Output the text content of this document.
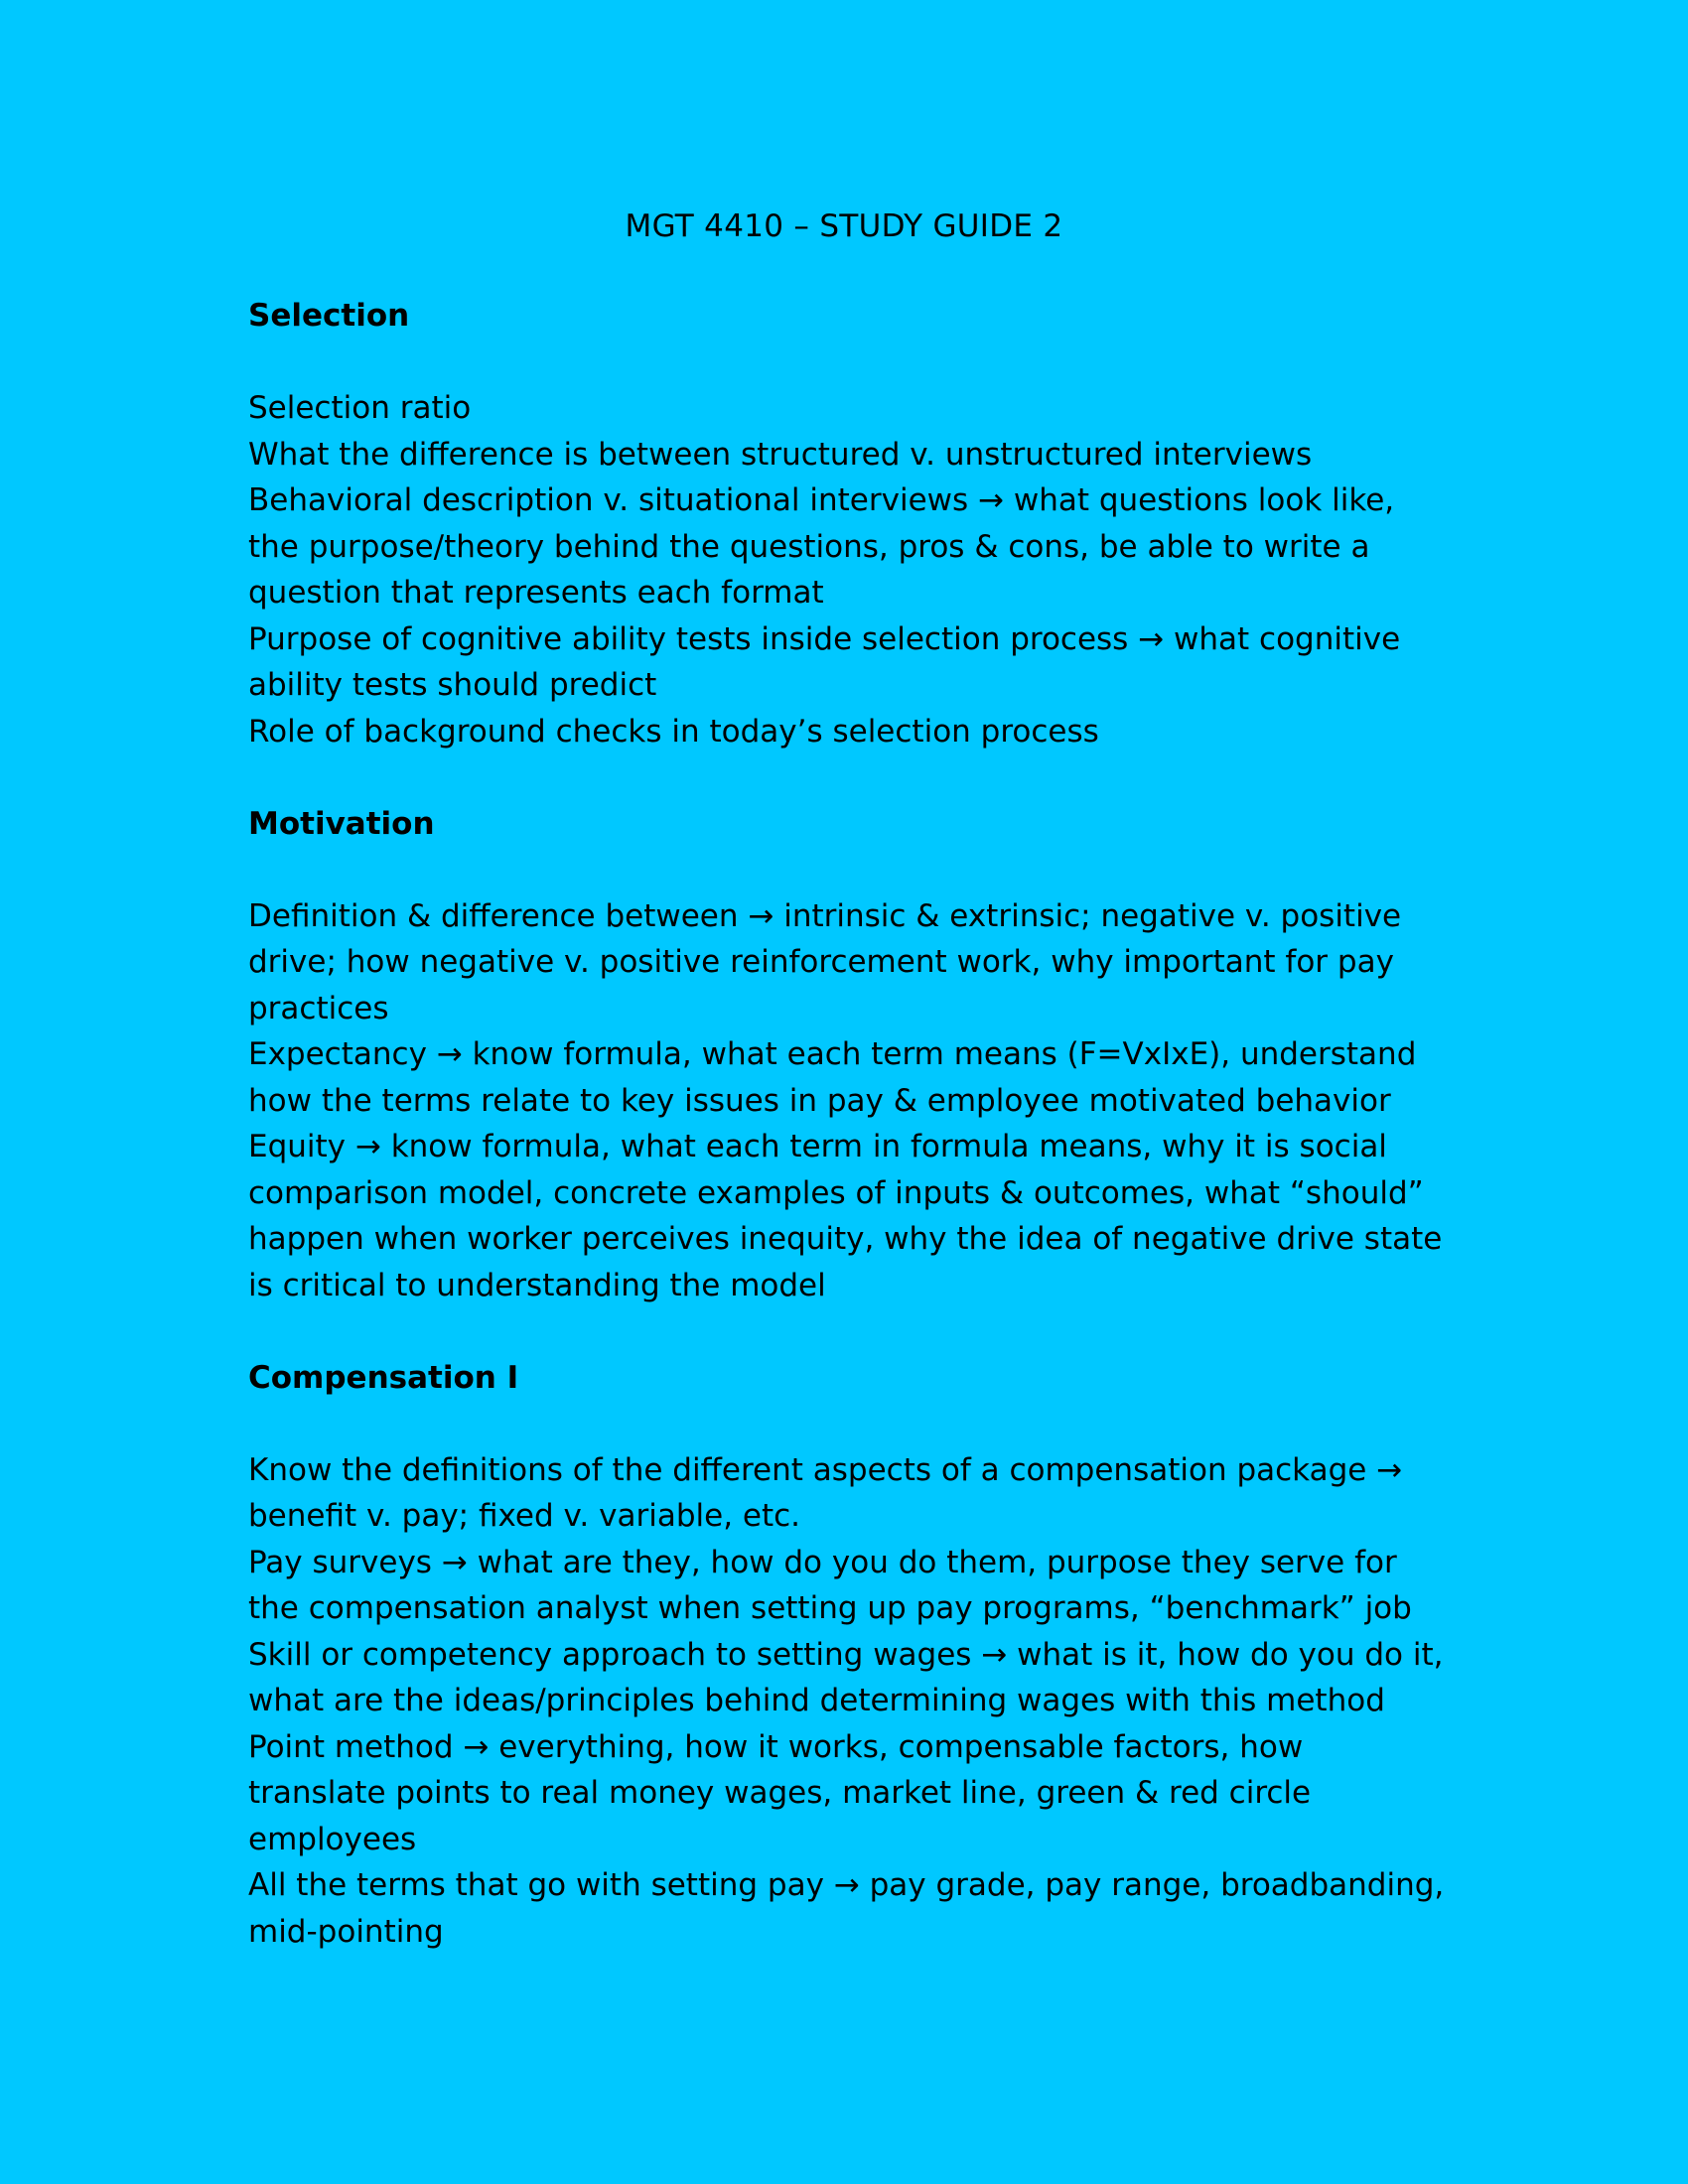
MGT 4410 – STUDY GUIDE 2
Selection
Selection ratio
What the difference is between structured v. unstructured interviews
Behavioral description v. situational interviews → what questions look like,
the purpose/theory behind the questions, pros & cons, be able to write a
question that represents each format
Purpose of cognitive ability tests inside selection process → what cognitive
ability tests should predict
Role of background checks in today’s selection process
Motivation
Definition & difference between → intrinsic & extrinsic; negative v. positive
drive; how negative v. positive reinforcement work, why important for pay
practices
Expectancy → know formula, what each term means (F=VxIxE), understand
how the terms relate to key issues in pay & employee motivated behavior
Equity → know formula, what each term in formula means, why it is social
comparison model, concrete examples of inputs & outcomes, what “should”
happen when worker perceives inequity, why the idea of negative drive state
is critical to understanding the model
Compensation I
Know the definitions of the different aspects of a compensation package →
benefit v. pay; fixed v. variable, etc.
Pay surveys → what are they, how do you do them, purpose they serve for
the compensation analyst when setting up pay programs, “benchmark” job
Skill or competency approach to setting wages → what is it, how do you do it,
what are the ideas/principles behind determining wages with this method
Point method → everything, how it works, compensable factors, how
translate points to real money wages, market line, green & red circle
employees
All the terms that go with setting pay → pay grade, pay range, broadbanding,
mid-pointing
